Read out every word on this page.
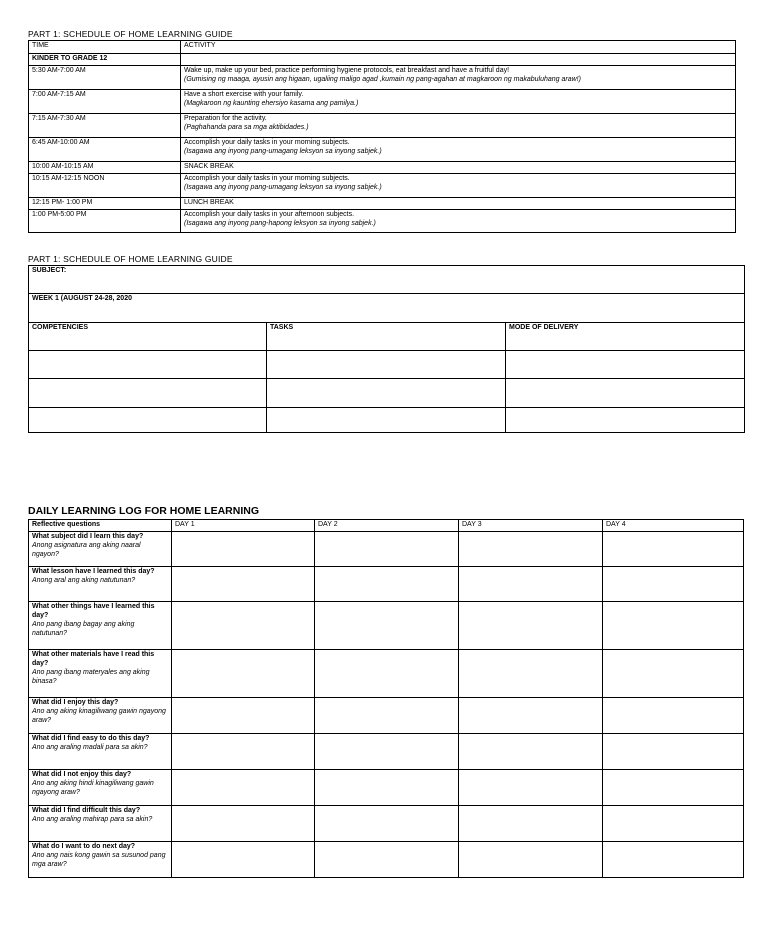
PART 1: SCHEDULE OF HOME LEARNING GUIDE
TIME	ACTIVITY
KINDER TO GRADE 12	
5:30 AM-7:00 AM	Wake up, make up your bed, practice performing hygiene protocols, eat breakfast and have a fruitful day!
(Gumising ng maaga, ayusin ang higaan, ugaliing maligo agad ,kumain ng pang-agahan at magkaroon ng makabuluhang araw!)

7:00 AM-7:15 AM	Have a short exercise with your family.
(Magkaroon ng kaunting ehersiyo kasama ang pamilya.)

7:15 AM-7:30 AM	Preparation for the activity.
(Paghahanda para sa mga aktibidades.)

6:45 AM-10:00 AM	Accomplish your daily tasks in your morning subjects.
(Isagawa ang inyong pang-umagang leksyon sa inyong sabjek.)

10:00 AM-10:15 AM	SNACK BREAK
10:15 AM-12:15 NOON	Accomplish your daily tasks in your morning subjects.
(Isagawa ang inyong pang-umagang leksyon sa inyong sabjek.)

12:15 PM- 1:00 PM	LUNCH BREAK
1:00 PM-5:00 PM	Accomplish your daily tasks in your afternoon subjects.
(Isagawa ang inyong pang-hapong leksyon sa inyong sabjek.)
PART 1: SCHEDULE OF HOME LEARNING GUIDE
SUBJECT:		
WEEK 1 (AUGUST 24-28, 2020		
COMPETENCIES	TASKS	MODE OF DELIVERY

DAILY LEARNING LOG FOR HOME LEARNING
Reflective questions	DAY 1	DAY 2	DAY 3	DAY 4
What subject did I learn this day?
Anong asignatura ang aking naaral ngayon?				

What lesson have I learned this day?
Anong aral ang aking natutunan?				

What other things have I learned this day?
Ano pang ibang bagay ang aking natutunan?				

What other materials have I read this day?
Ano pang ibang materyales ang aking binasa?				

What did I enjoy this day?
Ano ang aking kinagiliwang gawin ngayong araw?				

What did I find easy to do this day?
Ano ang araling madali para sa akin?				

What did I not enjoy this day?
Ano ang aking hindi kinagiliwang gawin ngayong araw?				

What did I find difficult this day?
Ano ang araling mahirap para sa akin?				

What do I want to do next day?
Ano ang nais kong gawin sa susunod pang mga araw?				
